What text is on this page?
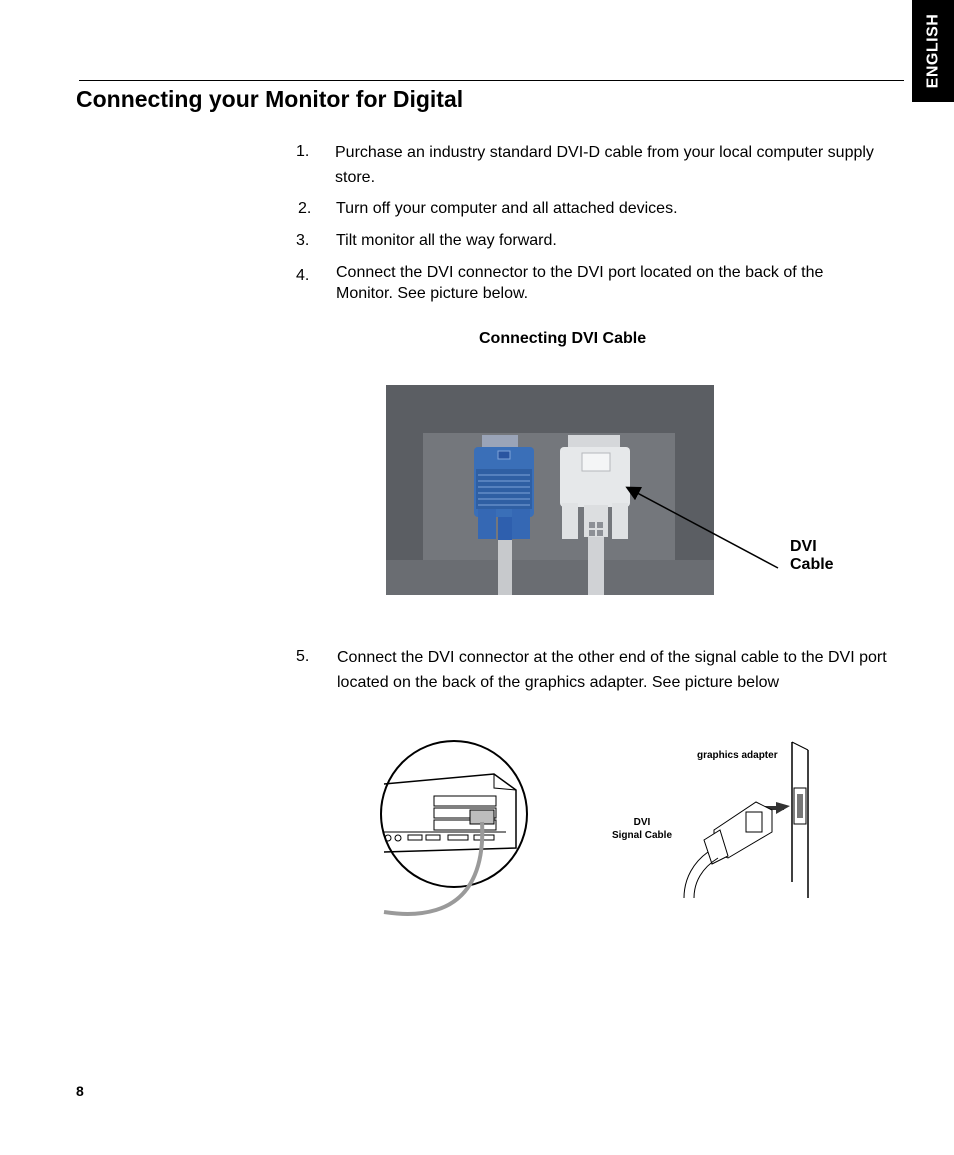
ENGLISH
Connecting your Monitor for Digital
1. Purchase an industry standard DVI-D cable from your local computer supply store.
2. Turn off your computer and all attached devices.
3. Tilt monitor all the way forward.
4. Connect the DVI connector to the DVI port located on the back of the Monitor. See picture below.
Connecting DVI Cable
DVI
Cable
5. Connect the DVI connector at the other end of the signal cable to the DVI port located on the back of the graphics adapter. See picture below
graphics adapter
DVI
Signal Cable
8
